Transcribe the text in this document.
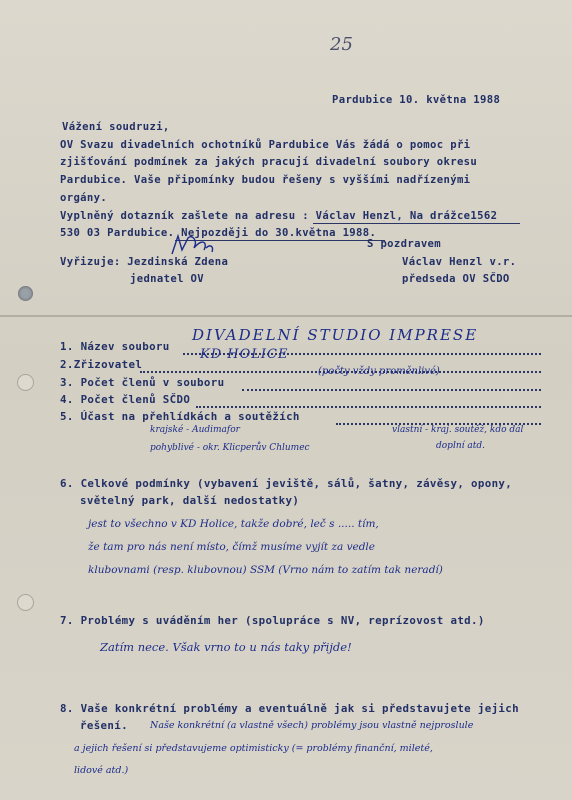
25
Pardubice 10. května 1988
Vážení soudruzi,
OV Svazu divadelních ochotníků Pardubice Vás žádá o pomoc při
zjišťování podmínek za jakých pracují divadelní soubory okresu
Pardubice. Vaše připomínky budou řešeny s vyššími nadřízenými
orgány.
Vyplněný dotazník zašlete na adresu : Václav Henzl, Na drážce1562
530 03 Pardubice. Nejpozději do 30.května 1988.
S pozdravem
Vyřizuje: Jezdinská Zdena
jednatel OV
Václav Henzl v.r.
předseda OV SČDO
1. Název souboru
2.Zřizovatel
3. Počet členů v souboru
4. Počet členů SČDO
5. Účast na přehlídkách a soutěžích
DIVADELNÍ STUDIO IMPRESE
KD HOLICE
(počty vždy proměnlivé)
krajské - Audimafor
pohyblivé - okr. Klicperův Chlumec
vlastní - kraj. soutěž, kdo dál
doplní atd.
6. Celkové podmínky (vybavení jeviště, sálů, šatny, závěsy, opony,
světelný park, další nedostatky)
jest to všechno v KD Holice, takže dobré, leč s ..... tím,
že tam pro nás není místo, čímž musíme vyjít za vedle
klubovnami (resp. klubovnou) SSM (Vrno nám to zatím tak neradí)
7. Problémy s uváděním her (spolupráce s NV, reprízovost atd.)
Zatím nece. Však vrno to u nás taky přijde!
8. Vaše konkrétní problémy a eventuálně jak si představujete jejich
řešení. Naše konkrétní (a vlastně všech) problémy jsou vlastně nejproslule
a jejich řešení si představujeme optimisticky (= problémy finanční, mileté,
lidové atd.)
